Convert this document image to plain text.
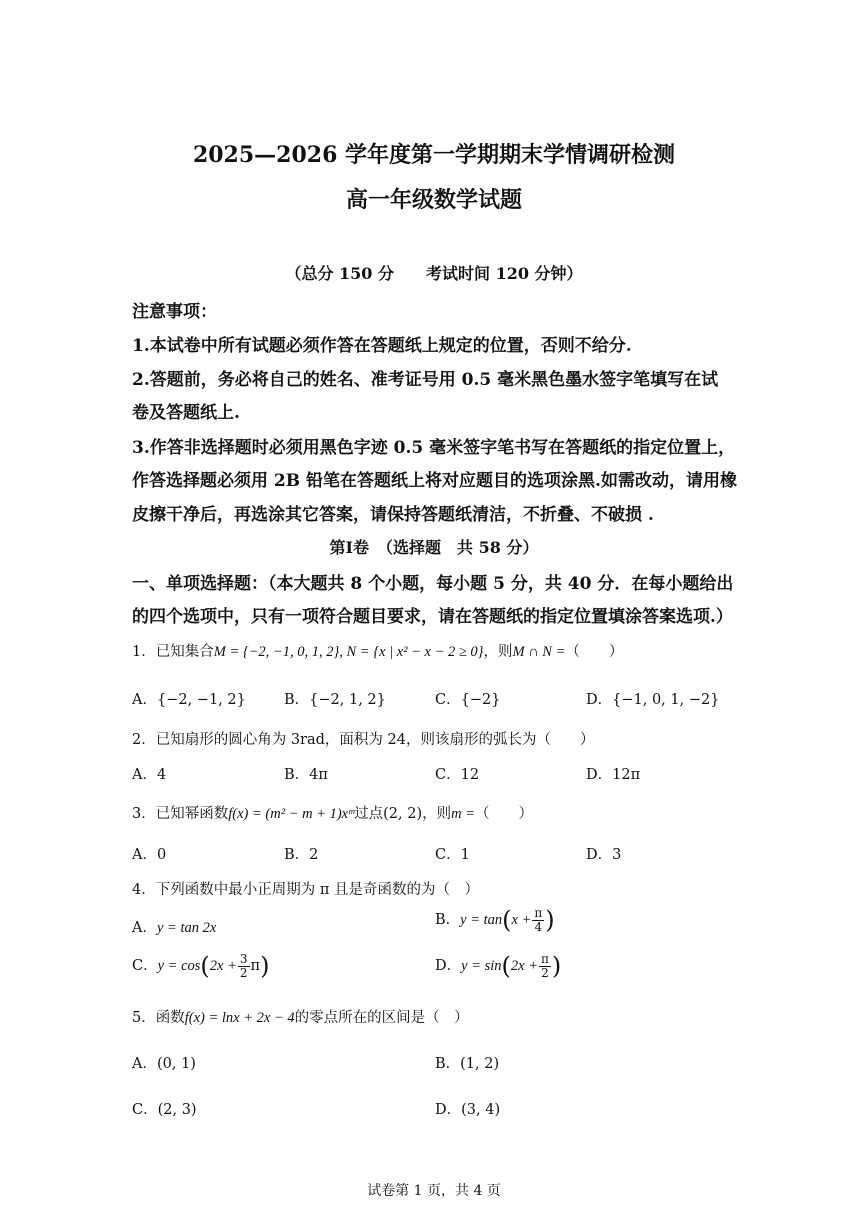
2025—2026 学年度第一学期期末学情调研检测
高一年级数学试题
（总分 150 分　　考试时间 120 分钟）
注意事项：
1.本试卷中所有试题必须作答在答题纸上规定的位置，否则不给分.
2.答题前，务必将自己的姓名、准考证号用 0.5 毫米黑色墨水签字笔填写在试
卷及答题纸上.
3.作答非选择题时必须用黑色字迹 0.5 毫米签字笔书写在答题纸的指定位置上，
作答选择题必须用 2B 铅笔在答题纸上将对应题目的选项涂黑.如需改动，请用橡
皮擦干净后，再选涂其它答案，请保持答题纸清洁，不折叠、不破损 .
第Ⅰ卷　（选择题　共 58 分）
一、单项选择题：（本大题共 8 个小题，每小题 5 分，共 40 分．在每小题给出
的四个选项中，只有一项符合题目要求，请在答题纸的指定位置填涂答案选项.）
1．已知集合M = {−2, −1, 0, 1, 2}, N = {x | x² − x − 2 ≥ 0}，则M ∩ N =（　　）
A．{−2, −1, 2}	B．{−2, 1, 2}	C．{−2}	D．{−1, 0, 1, −2}
2．已知扇形的圆心角为 3rad，面积为 24，则该扇形的弧长为（　　）
A．4	B．4π	C．12	D．12π
3．已知幂函数f(x) = (m² − m + 1)xᵐ过点(2, 2)，则m =（　　）
A．0	B．2	C．1	D．3
4．下列函数中最小正周期为 π 且是奇函数的为（　）
A．y = tan 2x	B．$y = \tan(x + \frac{\pi}{4}$ )
C．$y = \cos(2x + \frac{3}{2} \pi)$	D．$y = \sin(2x + \frac{\pi}{2}$ )
5．函数f(x) = lnx + 2x − 4的零点所在的区间是（　）
A．(0, 1)	B．(1, 2)
C．(2, 3)	D．(3, 4)
试卷第 1 页，共 4 页
